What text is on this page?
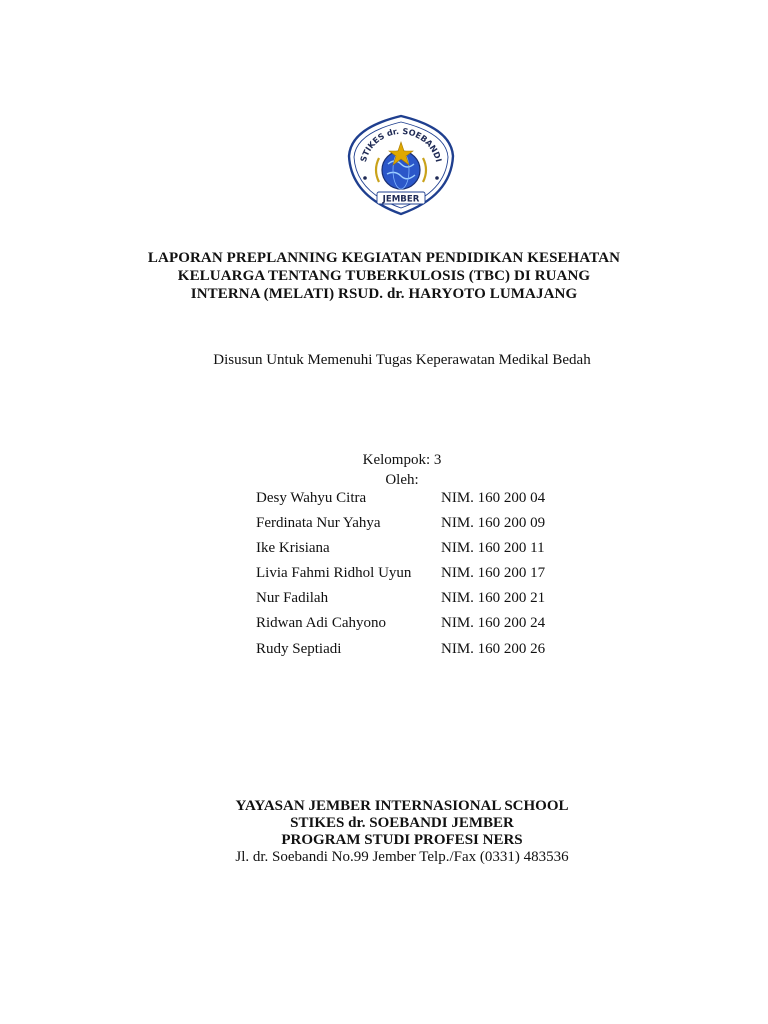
STIKES dr. SOEBANDI
JEMBER
LAPORAN PREPLANNING KEGIATAN PENDIDIKAN KESEHATAN
KELUARGA TENTANG TUBERKULOSIS (TBC) DI RUANG
INTERNA (MELATI) RSUD. dr. HARYOTO LUMAJANG
Disusun Untuk Memenuhi Tugas Keperawatan Medikal Bedah
Kelompok: 3
Oleh:
Desy Wahyu Citra	NIM. 160 200 04
Ferdinata Nur Yahya	NIM. 160 200 09
Ike Krisiana	NIM. 160 200 11
Livia Fahmi Ridhol Uyun NIM. 160 200 17
Nur Fadilah	NIM. 160 200 21
Ridwan Adi Cahyono	NIM. 160 200 24
Rudy Septiadi	NIM. 160 200 26
YAYASAN JEMBER INTERNASIONAL SCHOOL
STIKES dr. SOEBANDI JEMBER
PROGRAM STUDI PROFESI NERS
Jl. dr. Soebandi No.99 Jember Telp./Fax (0331) 483536
